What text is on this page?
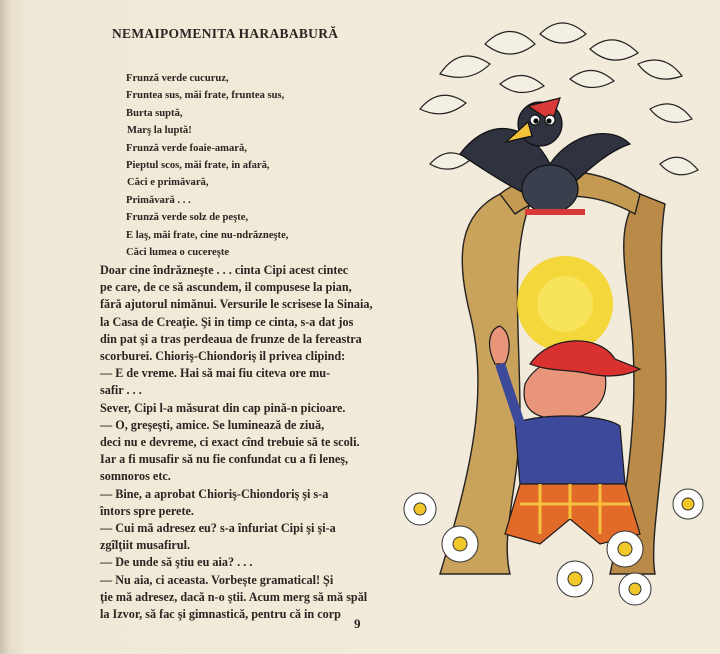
NEMAIPOMENITA HARABABURĂ
Frunză verde cucuruz,
Fruntea sus, măi frate, fruntea sus,
Burta suptă,
Marş la luptă!
Frunză verde foaie-amară,
Pieptul scos, măi frate, in afară,
Căci e primăvară,
Primăvară . . .
Frunză verde solz de peşte,
E laş, măi frate, cine nu-ndrăzneşte,
Căci lumea o cucereşte

Doar cine îndrăzneşte . . . cinta Cipi acest cintec

pe care, de ce să ascundem, il compusese la pian,

fără ajutorul nimănui. Versurile le scrisese la Sinaia,

la Casa de Creaţie. Şi in timp ce cinta, s-a dat jos

din pat şi a tras perdeaua de frunze de la fereastra

scorburei. Chioriş-Chiondoriş il privea clipind:

— E de vreme. Hai să mai fiu citeva ore mu-

safir . . .

Sever, Cipi l-a măsurat din cap pină-n picioare.

— O, greşeşti, amice. Se luminează de ziuă,

deci nu e devreme, ci exact cînd trebuie să te scoli.

Iar a fi musafir să nu fie confundat cu a fi leneş,

somnoros etc.

— Bine, a aprobat Chioriş-Chiondoriş şi s-a

întors spre perete.

— Cui mă adresez eu? s-a înfuriat Cipi şi şi-a

zgîlţiit musafirul.

— De unde să ştiu eu aia? . . .

— Nu aia, ci aceasta. Vorbeşte gramatical! Şi

ţie mă adresez, dacă n-o ştii. Acum merg să mă spăl

la Izvor, să fac şi gimnastică, pentru că in corp

9
